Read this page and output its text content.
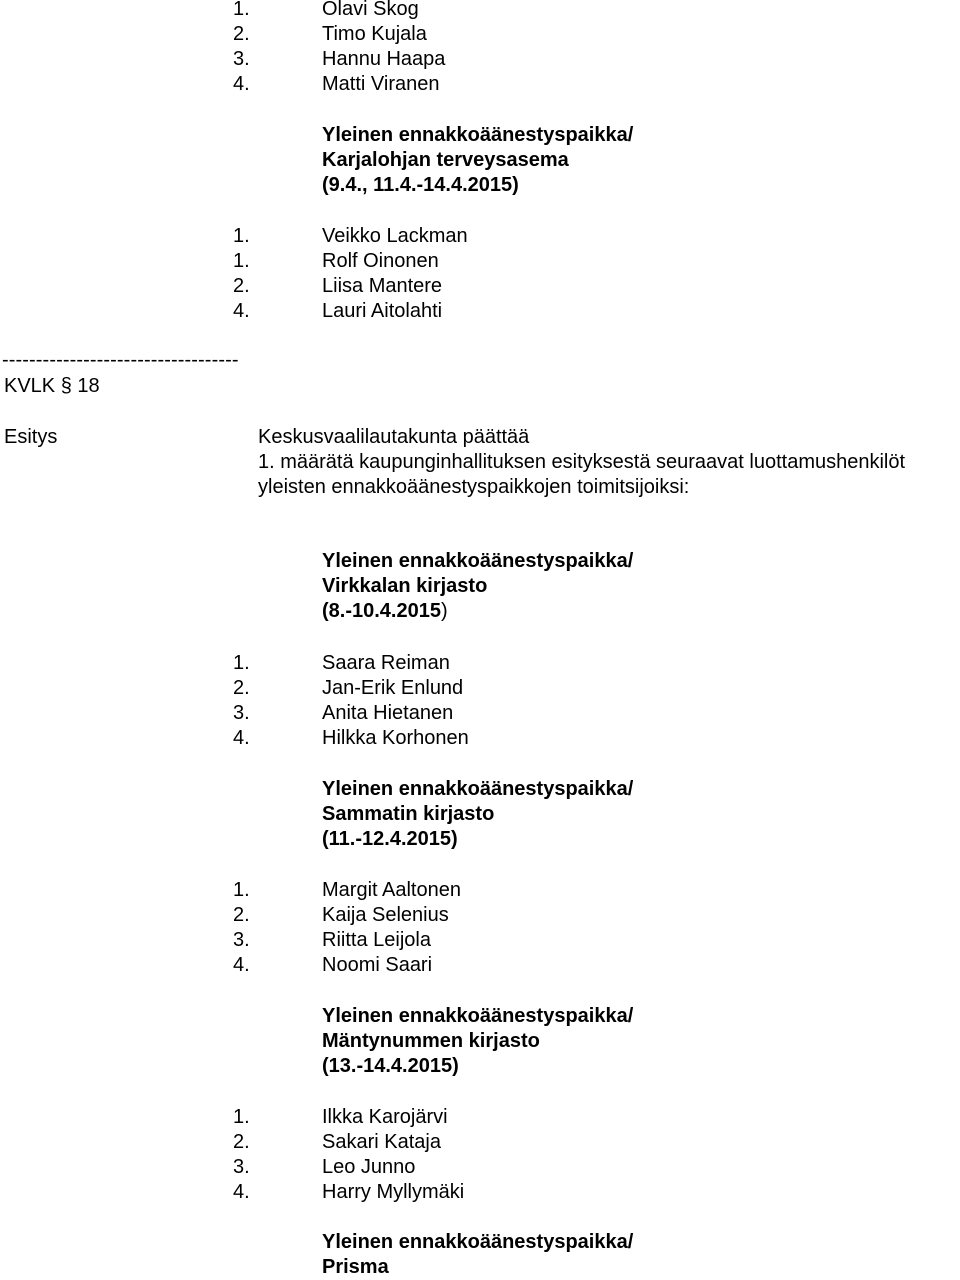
1.	Olavi Skog
2.	Timo Kujala
3.	Hannu Haapa
4.	Matti Viranen
Yleinen ennakkoäänestyspaikka/
Karjalohjan terveysasema
(9.4., 11.4.-14.4.2015)
1.	Veikko Lackman
1.	Rolf Oinonen
2.	Liisa Mantere
4.	Lauri Aitolahti
-----------------------------------
KVLK § 18
Esitys	Keskusvaalilautakunta päättää
1. määrätä kaupunginhallituksen esityksestä seuraavat luottamushenkilöt
yleisten ennakkoäänestyspaikkojen toimitsijoiksi:
Yleinen ennakkoäänestyspaikka/
Virkkalan kirjasto
(8.-10.4.2015)
1.	Saara Reiman
2.	Jan-Erik Enlund
3.	Anita Hietanen
4.	Hilkka Korhonen
Yleinen ennakkoäänestyspaikka/
Sammatin kirjasto
(11.-12.4.2015)
1.	Margit Aaltonen
2.	Kaija Selenius
3.	Riitta Leijola
4.	Noomi Saari
Yleinen ennakkoäänestyspaikka/
Mäntynummen kirjasto
(13.-14.4.2015)
1.	Ilkka Karojärvi
2.	Sakari Kataja
3.	Leo Junno
4.	Harry Myllymäki
Yleinen ennakkoäänestyspaikka/
Prisma
